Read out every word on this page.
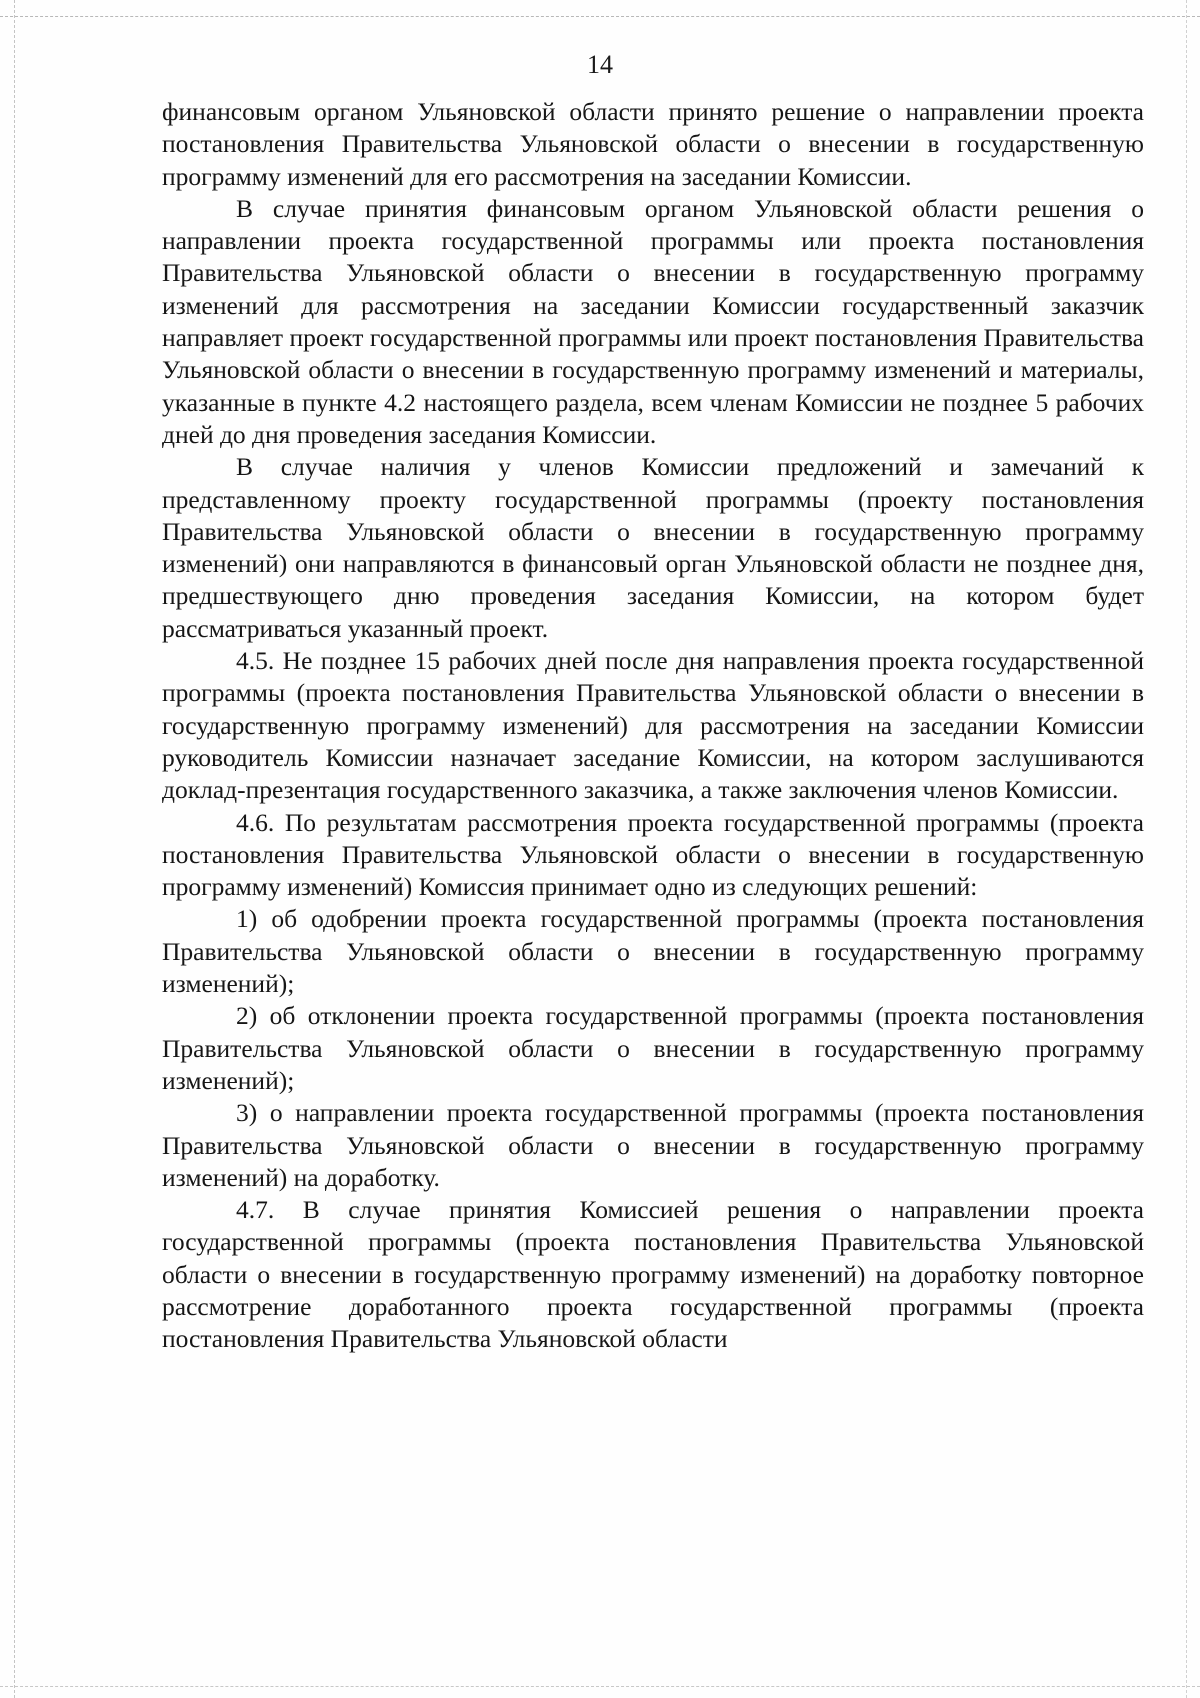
14

финансовым органом Ульяновской области принято решение о направлении проекта постановления Правительства Ульяновской области о внесении в государственную программу изменений для его рассмотрения на заседании Комиссии.

В случае принятия финансовым органом Ульяновской области решения о направлении проекта государственной программы или проекта постановления Правительства Ульяновской области о внесении в государственную программу изменений для рассмотрения на заседании Комиссии государственный заказчик направляет проект государственной программы или проект постановления Правительства Ульяновской области о внесении в государственную программу изменений и материалы, указанные в пункте 4.2 настоящего раздела, всем членам Комиссии не позднее 5 рабочих дней до дня проведения заседания Комиссии.

В случае наличия у членов Комиссии предложений и замечаний к представленному проекту государственной программы (проекту постановления Правительства Ульяновской области о внесении в государственную программу изменений) они направляются в финансовый орган Ульяновской области не позднее дня, предшествующего дню проведения заседания Комиссии, на котором будет рассматриваться указанный проект.

4.5. Не позднее 15 рабочих дней после дня направления проекта государственной программы (проекта постановления Правительства Ульяновской области о внесении в государственную программу изменений) для рассмотрения на заседании Комиссии руководитель Комиссии назначает заседание Комиссии, на котором заслушиваются доклад-презентация государственного заказчика, а также заключения членов Комиссии.

4.6. По результатам рассмотрения проекта государственной программы (проекта постановления Правительства Ульяновской области о внесении в государственную программу изменений) Комиссия принимает одно из следующих решений:

1) об одобрении проекта государственной программы (проекта постановления Правительства Ульяновской области о внесении в государственную программу изменений);

2) об отклонении проекта государственной программы (проекта постановления Правительства Ульяновской области о внесении в государственную программу изменений);

3) о направлении проекта государственной программы (проекта постановления Правительства Ульяновской области о внесении в государственную программу изменений) на доработку.

4.7. В случае принятия Комиссией решения о направлении проекта государственной программы (проекта постановления Правительства Ульяновской области о внесении в государственную программу изменений) на доработку повторное рассмотрение доработанного проекта государственной программы (проекта постановления Правительства Ульяновской области
